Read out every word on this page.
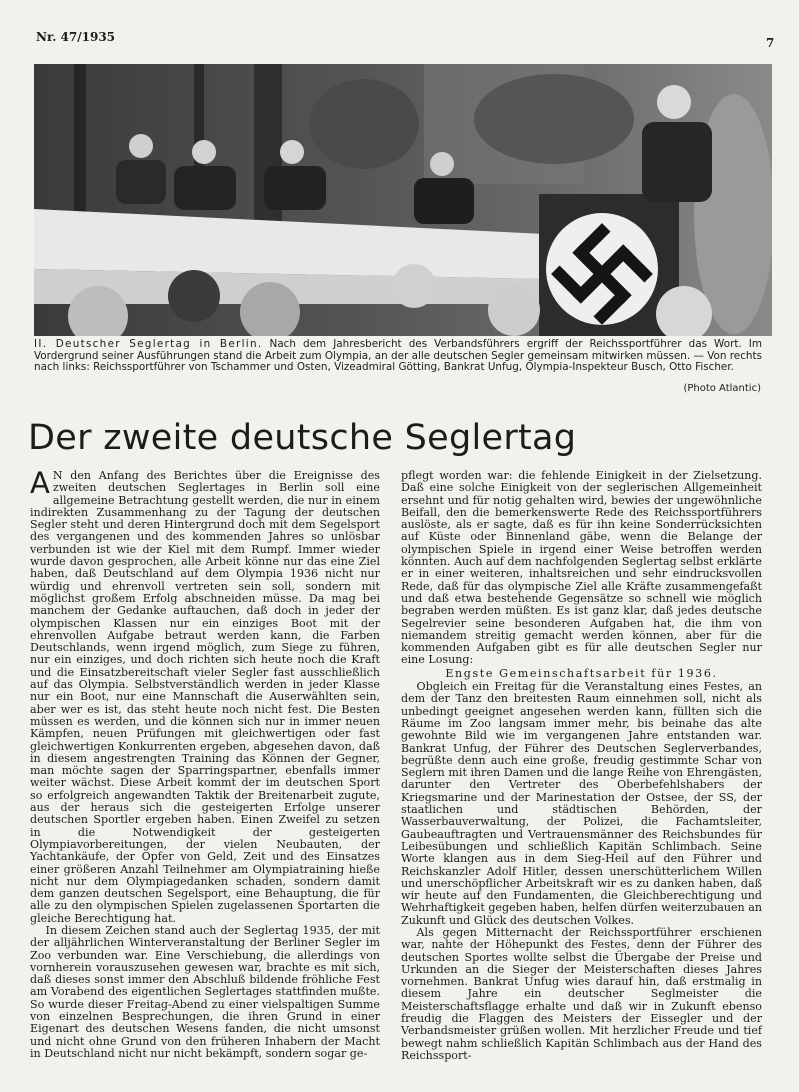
Nr. 47/1935	7
II. Deutscher Seglertag in Berlin. Nach dem Jahresbericht des Verbandsführers ergriff der Reichssportführer das Wort. Im Vordergrund seiner Ausführungen stand die Arbeit zum Olympia, an der alle deutschen Segler gemeinsam mitwirken müssen. — Von rechts nach links: Reichssportführer von Tschammer und Osten, Vizeadmiral Götting, Bankrat Unfug, Olympia-Inspekteur Busch, Otto Fischer.
(Photo Atlantic)
Der zweite deutsche Seglertag

A N den Anfang des Berichtes über die Ereignisse des zweiten deutschen Seglertages in Berlin soll eine allgemeine Betrachtung gestellt werden, die nur in einem indirekten Zusammenhang zu der Tagung der deutschen Segler steht und deren Hintergrund doch mit dem Segelsport des vergangenen und des kommenden Jahres so unlösbar verbunden ist wie der Kiel mit dem Rumpf. Immer wieder wurde davon gesprochen, alle Arbeit könne nur das eine Ziel haben, daß Deutschland auf dem Olympia 1936 nicht nur würdig und ehrenvoll vertreten sein soll, sondern mit möglichst großem Erfolg abschneiden müsse. Da mag bei manchem der Gedanke auftauchen, daß doch in jeder der olympischen Klassen nur ein einziges Boot mit der ehrenvollen Aufgabe betraut werden kann, die Farben Deutschlands, wenn irgend möglich, zum Siege zu führen, nur ein einziges, und doch richten sich heute noch die Kraft und die Einsatzbereitschaft vieler Segler fast ausschließlich auf das Olympia. Selbstverständlich werden in jeder Klasse nur ein Boot, nur eine Mannschaft die Auserwählten sein, aber wer es ist, das steht heute noch nicht fest. Die Besten müssen es werden, und die können sich nur in immer neuen Kämpfen, neuen Prüfungen mit gleichwertigen oder fast gleichwertigen Konkurrenten ergeben, abgesehen davon, daß in diesem angestrengten Training das Können der Gegner, man möchte sagen der Sparringspartner, ebenfalls immer weiter wächst. Diese Arbeit kommt der im deutschen Sport so erfolgreich angewandten Taktik der Breitenarbeit zugute, aus der heraus sich die gesteigerten Erfolge unserer deutschen Sportler ergeben haben. Einen Zweifel zu setzen in die Notwendigkeit der gesteigerten Olympiavorbereitungen, der vielen Neubauten, der Yachtankäufe, der Opfer von Geld, Zeit und des Einsatzes einer größeren Anzahl Teilnehmer am Olympiatraining hieße nicht nur dem Olympiagedanken schaden, sondern damit dem ganzen deutschen Segelsport, eine Behauptung, die für alle zu den olympischen Spielen zugelassenen Sportarten die gleiche Berechtigung hat.

In diesem Zeichen stand auch der Seglertag 1935, der mit der alljährlichen Winterveranstaltung der Berliner Segler im Zoo verbunden war. Eine Verschiebung, die allerdings von vornherein vorauszusehen gewesen war, brachte es mit sich, daß dieses sonst immer den Abschluß bildende fröhliche Fest am Vorabend des eigentlichen Seglertages stattfinden mußte. So wurde dieser Freitag-Abend zu einer vielspaltigen Summe von einzelnen Besprechungen, die ihren Grund in einer Eigenart des deutschen Wesens fanden, die nicht umsonst und nicht ohne Grund von den früheren Inhabern der Macht in Deutschland nicht nur nicht bekämpft, sondern sogar ge-

pflegt worden war: die fehlende Einigkeit in der Zielsetzung. Daß eine solche Einigkeit von der seglerischen Allgemeinheit ersehnt und für notig gehalten wird, bewies der ungewöhnliche Beifall, den die bemerkenswerte Rede des Reichssportführers auslöste, als er sagte, daß es für ihn keine Sonderrücksichten auf Küste oder Binnenland gäbe, wenn die Belange der olympischen Spiele in irgend einer Weise betroffen werden könnten. Auch auf dem nachfolgenden Seglertag selbst erklärte er in einer weiteren, inhaltsreichen und sehr eindrucksvollen Rede, daß für das olympische Ziel alle Kräfte zusammengefaßt und daß etwa bestehende Gegensätze so schnell wie möglich begraben werden müßten. Es ist ganz klar, daß jedes deutsche Segelrevier seine besonderen Aufgaben hat, die ihm von niemandem streitig gemacht werden können, aber für die kommenden Aufgaben gibt es für alle deutschen Segler nur eine Losung:

Engste Gemeinschaftsarbeit für 1936.

Obgleich ein Freitag für die Veranstaltung eines Festes, an dem der Tanz den breitesten Raum einnehmen soll, nicht als unbedingt geeignet angesehen werden kann, füllten sich die Räume im Zoo langsam immer mehr, bis beinahe das alte gewohnte Bild wie im vergangenen Jahre entstanden war. Bankrat Unfug, der Führer des Deutschen Seglerverbandes, begrüßte denn auch eine große, freudig gestimmte Schar von Seglern mit ihren Damen und die lange Reihe von Ehrengästen, darunter den Vertreter des Oberbefehlshabers der Kriegsmarine und der Marinestation der Ostsee, der SS, der staatlichen und städtischen Behörden, der Wasserbauverwaltung, der Polizei, die Fachamtsleiter, Gaubeauftragten und Vertrauensmänner des Reichsbundes für Leibesübungen und schließlich Kapitän Schlimbach. Seine Worte klangen aus in dem Sieg-Heil auf den Führer und Reichskanzler Adolf Hitler, dessen unerschütterlichem Willen und unerschöpflicher Arbeitskraft wir es zu danken haben, daß wir heute auf den Fundamenten, die Gleichberechtigung und Wehrhaftigkeit gegeben haben, helfen dürfen weiterzubauen an Zukunft und Glück des deutschen Volkes.

Als gegen Mitternacht der Reichssportführer erschienen war, nahte der Höhepunkt des Festes, denn der Führer des deutschen Sportes wollte selbst die Übergabe der Preise und Urkunden an die Sieger der Meisterschaften dieses Jahres vornehmen. Bankrat Unfug wies darauf hin, daß erstmalig in diesem Jahre ein deutscher Seglmeister die Meisterschaftsflagge erhalte und daß wir in Zukunft ebenso freudig die Flaggen des Meisters der Eissegler und der Verbandsmeister grüßen wollen. Mit herzlicher Freude und tief bewegt nahm schließlich Kapitän Schlimbach aus der Hand des Reichssport-
